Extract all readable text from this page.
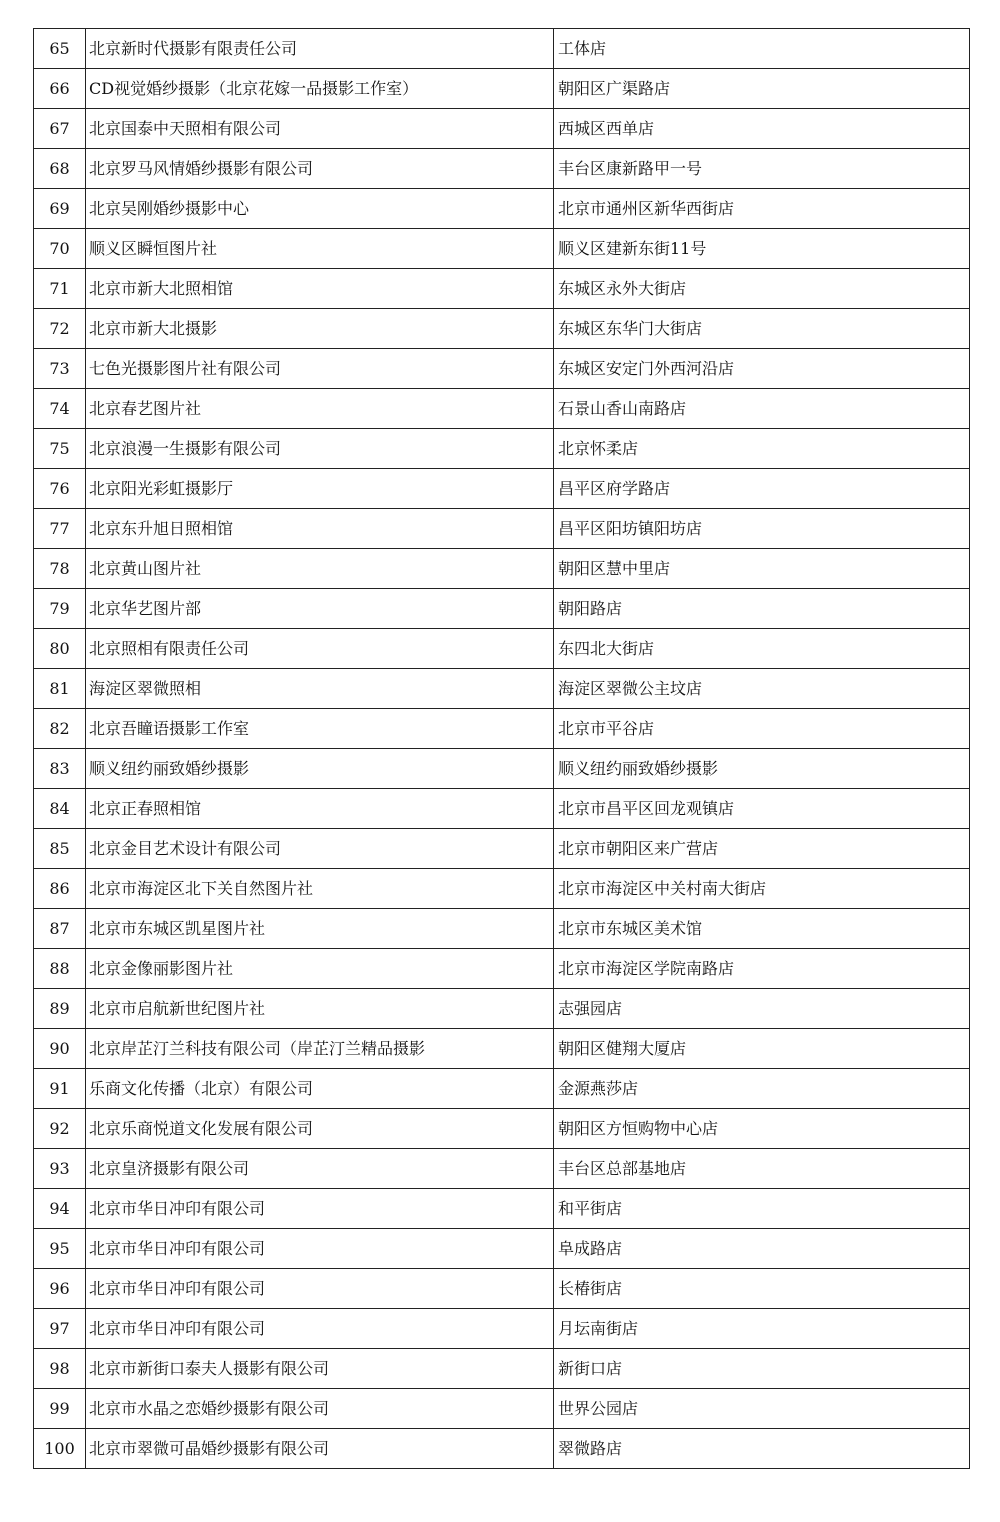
65	北京新时代摄影有限责任公司	工体店
66	CD视觉婚纱摄影（北京花嫁一品摄影工作室）	朝阳区广渠路店
67	北京国泰中天照相有限公司	西城区西单店
68	北京罗马风情婚纱摄影有限公司	丰台区康新路甲一号
69	北京吴刚婚纱摄影中心	北京市通州区新华西街店
70	顺义区瞬恒图片社	顺义区建新东街11号
71	北京市新大北照相馆	东城区永外大街店
72	北京市新大北摄影	东城区东华门大街店
73	七色光摄影图片社有限公司	东城区安定门外西河沿店
74	北京春艺图片社	石景山香山南路店
75	北京浪漫一生摄影有限公司	北京怀柔店
76	北京阳光彩虹摄影厅	昌平区府学路店
77	北京东升旭日照相馆	昌平区阳坊镇阳坊店
78	北京黄山图片社	朝阳区慧中里店
79	北京华艺图片部	朝阳路店
80	北京照相有限责任公司	东四北大街店
81	海淀区翠微照相	海淀区翠微公主坟店
82	北京吾瞳语摄影工作室	北京市平谷店
83	顺义纽约丽致婚纱摄影	顺义纽约丽致婚纱摄影
84	北京正春照相馆	北京市昌平区回龙观镇店
85	北京金目艺术设计有限公司	北京市朝阳区来广营店
86	北京市海淀区北下关自然图片社	北京市海淀区中关村南大街店
87	北京市东城区凯星图片社	北京市东城区美术馆
88	北京金像丽影图片社	北京市海淀区学院南路店
89	北京市启航新世纪图片社	志强园店
90	北京岸芷汀兰科技有限公司（岸芷汀兰精品摄影	朝阳区健翔大厦店
91	乐商文化传播（北京）有限公司	金源燕莎店
92	北京乐商悦道文化发展有限公司	朝阳区方恒购物中心店
93	北京皇济摄影有限公司	丰台区总部基地店
94	北京市华日冲印有限公司	和平街店
95	北京市华日冲印有限公司	阜成路店
96	北京市华日冲印有限公司	长椿街店
97	北京市华日冲印有限公司	月坛南街店
98	北京市新街口泰夫人摄影有限公司	新街口店
99	北京市水晶之恋婚纱摄影有限公司	世界公园店
100	北京市翠微可晶婚纱摄影有限公司	翠微路店
